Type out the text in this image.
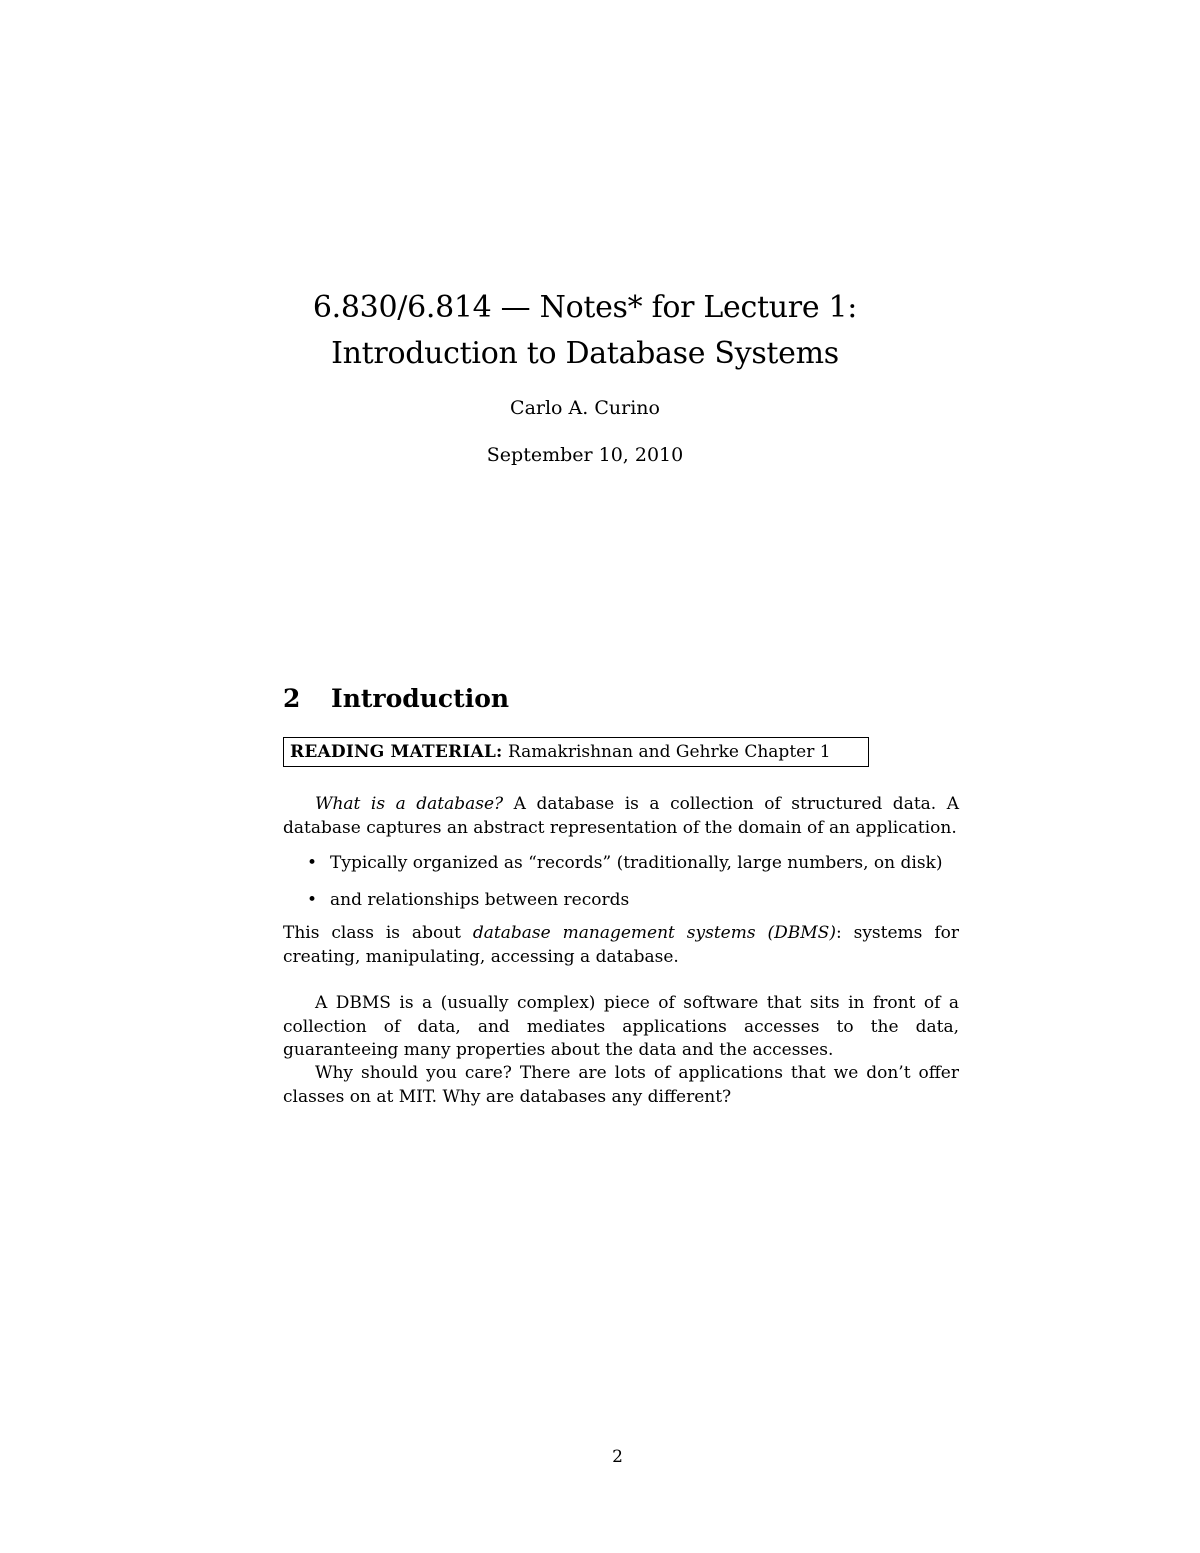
6.830/6.814 — Notes* for Lecture 1:

Introduction to Database Systems

Carlo A. Curino
September 10, 2010
2 Introduction
READING MATERIAL: Ramakrishnan and Gehrke Chapter 1

What is a database? A database is a collection of structured data. A database captures an abstract representation of the domain of an application.

• Typically organized as “records” (traditionally, large numbers, on disk)
• and relationships between records

This class is about database management systems (DBMS): systems for creating, manipulating, accessing a database.

A DBMS is a (usually complex) piece of software that sits in front of a collection of data, and mediates applications accesses to the data, guaranteeing many properties about the data and the accesses.

Why should you care? There are lots of applications that we don’t offer classes on at MIT. Why are databases any different?

2
